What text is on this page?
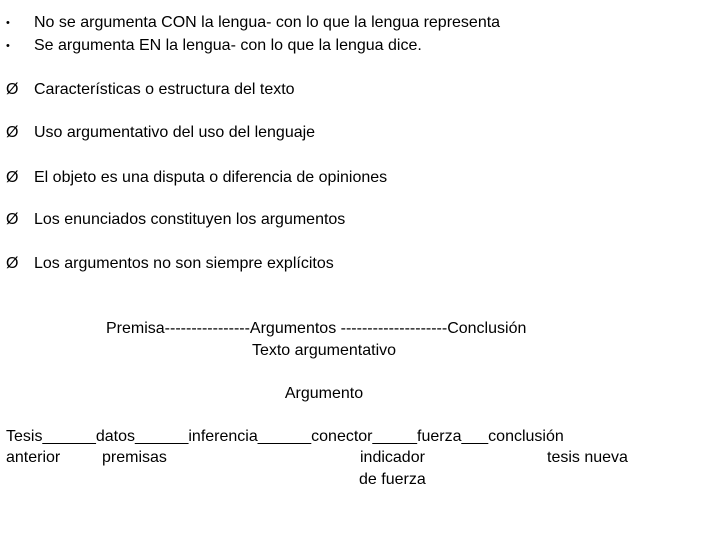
• No se argumenta CON la lengua- con lo que la lengua representa
• Se argumenta EN la lengua- con lo que la lengua dice.
Ø Características o estructura del texto
Ø Uso argumentativo del uso del lenguaje
Ø El objeto es una disputa o diferencia de opiniones
Ø Los enunciados constituyen los argumentos
Ø Los argumentos no son siempre explícitos
Premisa----------------Argumentos --------------------Conclusión
Texto argumentativo
Argumento
Tesis______datos______inferencia______conector_____fuerza___conclusión
anterior	premisas	indicador
de fuerza
tesis nueva
